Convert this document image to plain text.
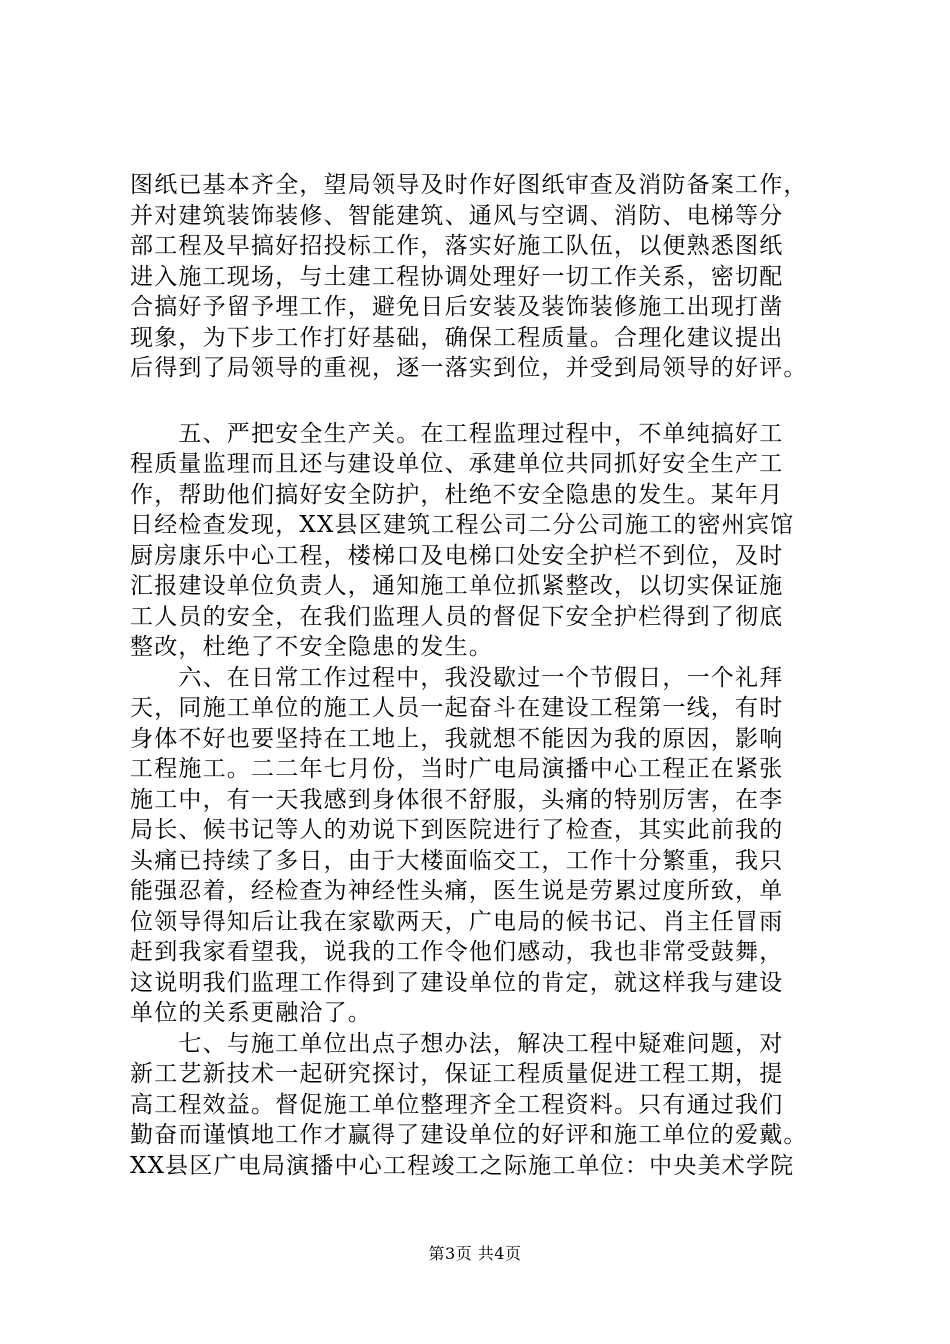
图纸已基本齐全，望局领导及时作好图纸审查及消防备案工作，
并对建筑装饰装修、智能建筑、通风与空调、消防、电梯等分
部工程及早搞好招投标工作，落实好施工队伍，以便熟悉图纸
进入施工现场，与土建工程协调处理好一切工作关系，密切配
合搞好予留予埋工作，避免日后安装及装饰装修施工出现打凿
现象，为下步工作打好基础，确保工程质量。合理化建议提出
后得到了局领导的重视，逐一落实到位，并受到局领导的好评。
　　五、严把安全生产关。在工程监理过程中，不单纯搞好工
程质量监理而且还与建设单位、承建单位共同抓好安全生产工
作，帮助他们搞好安全防护，杜绝不安全隐患的发生。某年月
日经检查发现，XX县区建筑工程公司二分公司施工的密州宾馆
厨房康乐中心工程，楼梯口及电梯口处安全护栏不到位，及时
汇报建设单位负责人，通知施工单位抓紧整改，以切实保证施
工人员的安全，在我们监理人员的督促下安全护栏得到了彻底
整改，杜绝了不安全隐患的发生。
　　六、在日常工作过程中，我没歇过一个节假日，一个礼拜
天，同施工单位的施工人员一起奋斗在建设工程第一线，有时
身体不好也要坚持在工地上，我就想不能因为我的原因，影响
工程施工。二二年七月份，当时广电局演播中心工程正在紧张
施工中，有一天我感到身体很不舒服，头痛的特别厉害，在李
局长、候书记等人的劝说下到医院进行了检查，其实此前我的
头痛已持续了多日，由于大楼面临交工，工作十分繁重，我只
能强忍着，经检查为神经性头痛，医生说是劳累过度所致，单
位领导得知后让我在家歇两天，广电局的候书记、肖主任冒雨
赶到我家看望我，说我的工作令他们感动，我也非常受鼓舞，
这说明我们监理工作得到了建设单位的肯定，就这样我与建设
单位的关系更融洽了。
　　七、与施工单位出点子想办法，解决工程中疑难问题，对
新工艺新技术一起研究探讨，保证工程质量促进工程工期，提
高工程效益。督促施工单位整理齐全工程资料。只有通过我们
勤奋而谨慎地工作才赢得了建设单位的好评和施工单位的爱戴。
XX县区广电局演播中心工程竣工之际施工单位：中央美术学院
第3页 共4页
